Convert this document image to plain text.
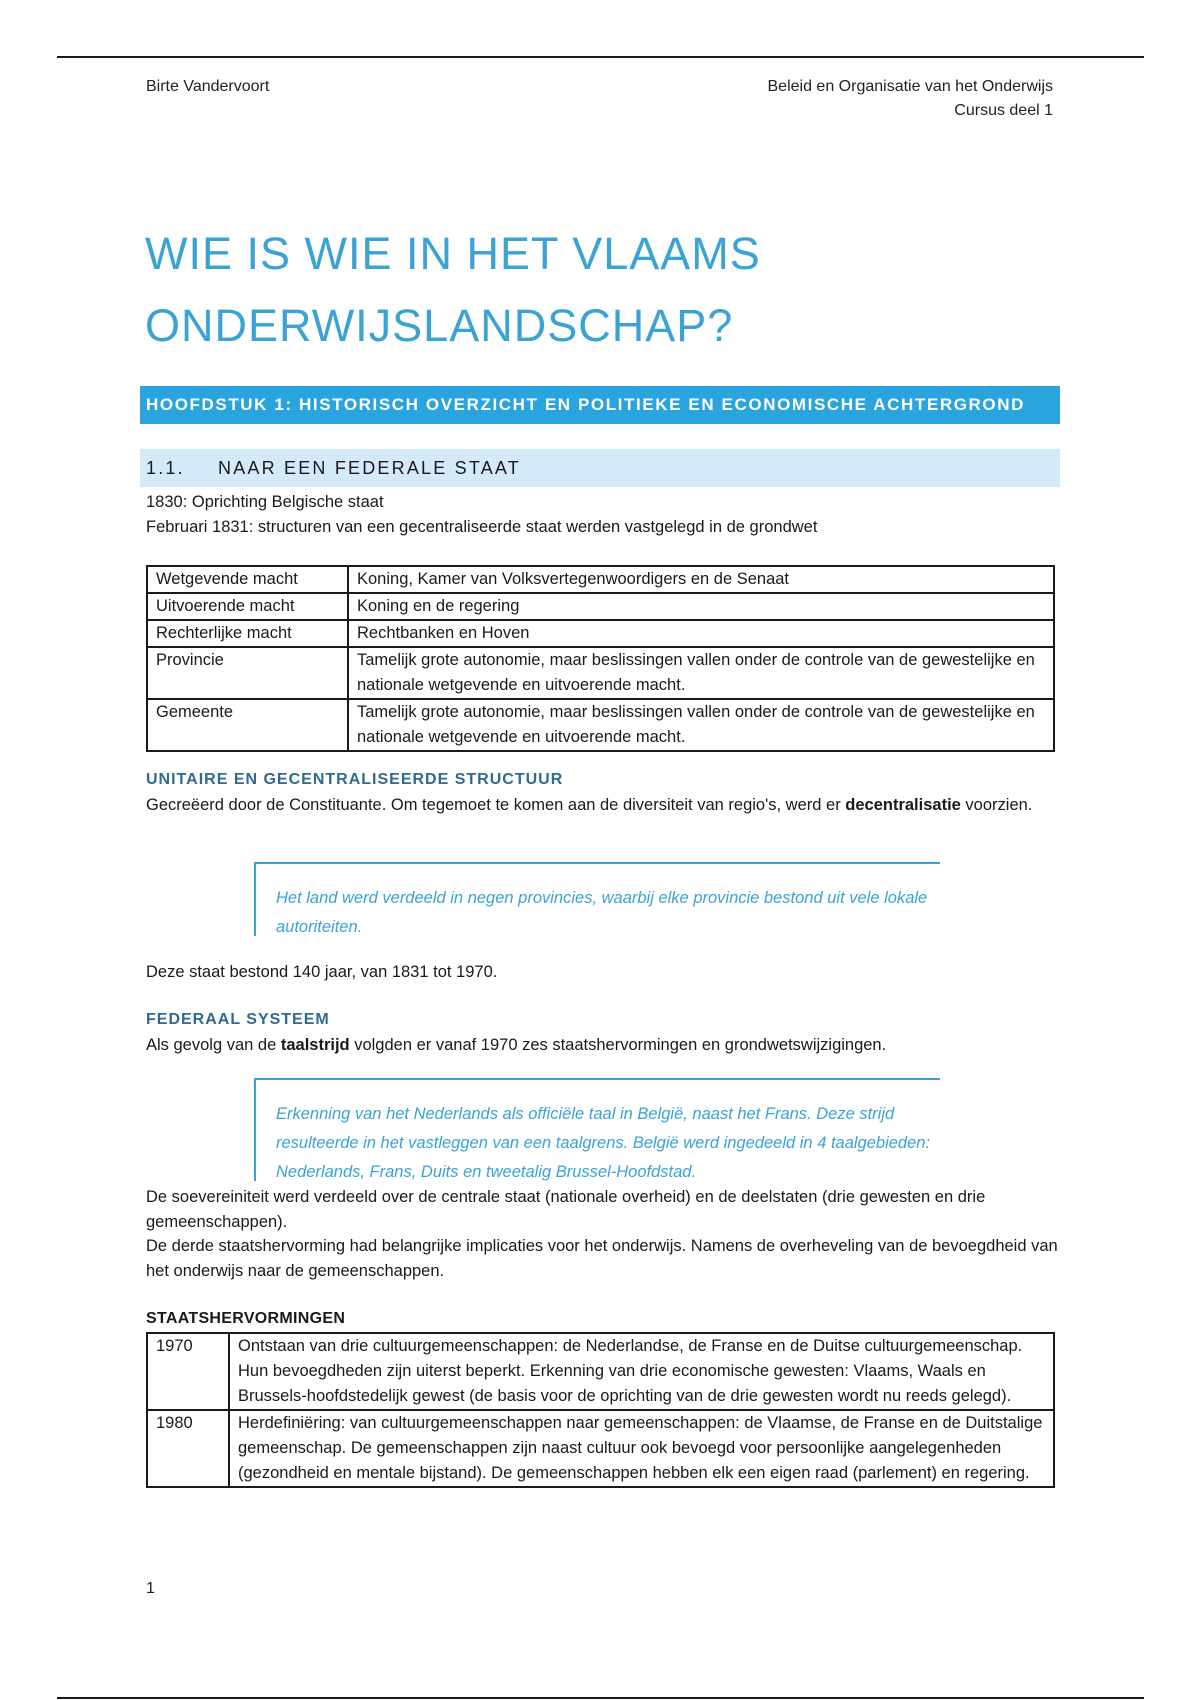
Birte Vandervoort	Beleid en Organisatie van het Onderwijs
Cursus deel 1
WIE IS WIE IN HET VLAAMS
ONDERWIJSLANDSCHAP?
HOOFDSTUK 1: HISTORISCH OVERZICHT EN POLITIEKE EN ECONOMISCHE ACHTERGROND
1.1. NAAR EEN FEDERALE STAAT
1830: Oprichting Belgische staat
Februari 1831: structuren van een gecentraliseerde staat werden vastgelegd in de grondwet
Wetgevende macht	Koning, Kamer van Volksvertegenwoordigers en de Senaat
Uitvoerende macht	Koning en de regering
Rechterlijke macht	Rechtbanken en Hoven
Provincie	Tamelijk grote autonomie, maar beslissingen vallen onder de controle van de gewestelijke en nationale wetgevende en uitvoerende macht.
Gemeente	Tamelijk grote autonomie, maar beslissingen vallen onder de controle van de gewestelijke en nationale wetgevende en uitvoerende macht.
UNITAIRE EN GECENTRALISEERDE STRUCTUUR
Gecreëerd door de Constituante. Om tegemoet te komen aan de diversiteit van regio's, werd er decentralisatie voorzien.
Het land werd verdeeld in negen provincies, waarbij elke provincie bestond uit vele lokale autoriteiten.
Deze staat bestond 140 jaar, van 1831 tot 1970.
FEDERAAL SYSTEEM
Als gevolg van de taalstrijd volgden er vanaf 1970 zes staatshervormingen en grondwetswijzigingen.
Erkenning van het Nederlands als officiële taal in België, naast het Frans. Deze strijd resulteerde in het vastleggen van een taalgrens. België werd ingedeeld in 4 taalgebieden: Nederlands, Frans, Duits en tweetalig Brussel-Hoofdstad.
De soevereiniteit werd verdeeld over de centrale staat (nationale overheid) en de deelstaten (drie gewesten en drie gemeenschappen).
De derde staatshervorming had belangrijke implicaties voor het onderwijs. Namens de overheveling van de bevoegdheid van het onderwijs naar de gemeenschappen.
STAATSHERVORMINGEN
1970	Ontstaan van drie cultuurgemeenschappen: de Nederlandse, de Franse en de Duitse cultuurgemeenschap. Hun bevoegdheden zijn uiterst beperkt. Erkenning van drie economische gewesten: Vlaams, Waals en Brussels-hoofdstedelijk gewest (de basis voor de oprichting van de drie gewesten wordt nu reeds gelegd).
1980	Herdefiniëring: van cultuurgemeenschappen naar gemeenschappen: de Vlaamse, de Franse en de Duitstalige gemeenschap. De gemeenschappen zijn naast cultuur ook bevoegd voor persoonlijke aangelegenheden (gezondheid en mentale bijstand). De gemeenschappen hebben elk een eigen raad (parlement) en regering.
1
